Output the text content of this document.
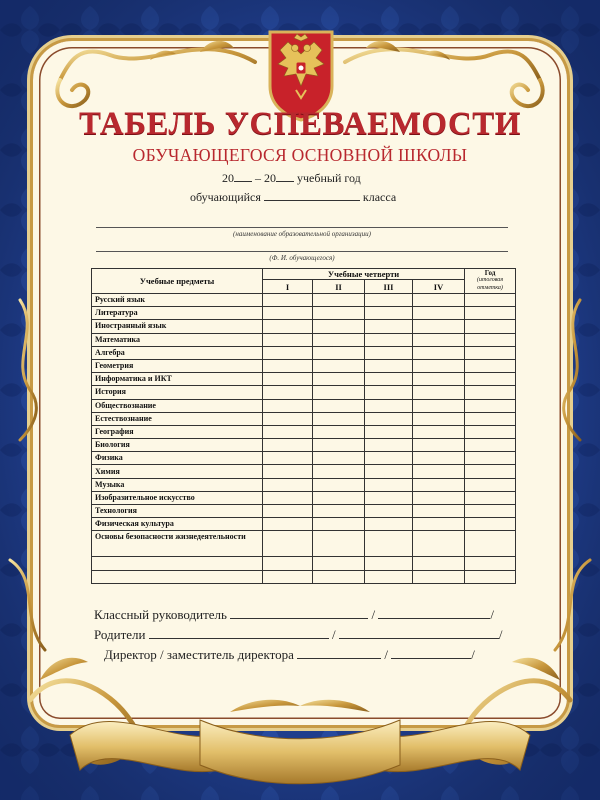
ТАБЕЛЬ УСПЕВАЕМОСТИ
ОБУЧАЮЩЕГОСЯ ОСНОВНОЙ ШКОЛЫ
20 – 20 учебный год
обучающийся	класса
(наименование образовательной организации)
(Ф. И. обучающегося)
Учебные предметы	Учебные четверти				Год
(итоговая отметка)

	I	II	III	IV	
Русский язык					
Литература					
Иностранный язык					
Математика					
Алгебра					
Геометрия					
Информатика и ИКТ					
История					
Обществознание					
Естествознание					
География					
Биология					
Физика					
Химия					
Музыка					
Изобразительное искусство					
Технология					
Физическая культура					
Основы безопасности жизнедеятельности					

Классный руководитель	/	/
Родители	/	/
Директор / заместитель директора	/	/
